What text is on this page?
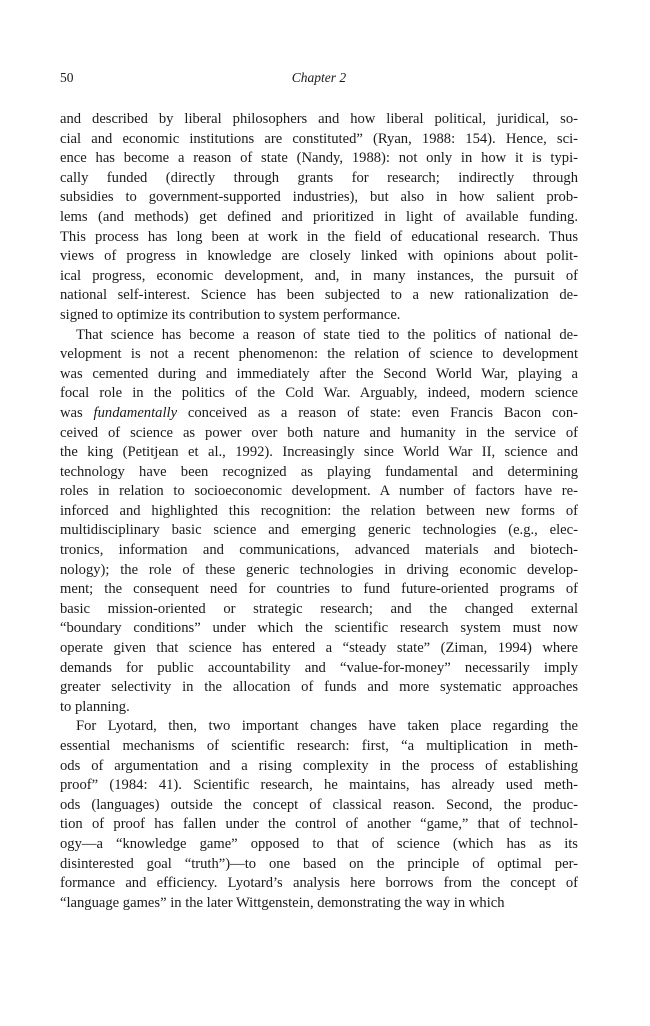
50	Chapter 2

and described by liberal philosophers and how liberal political, juridical, so-
cial and economic institutions are constituted” (Ryan, 1988: 154). Hence, sci-
ence has become a reason of state (Nandy, 1988): not only in how it is typi-
cally funded (directly through grants for research; indirectly through
subsidies to government-supported industries), but also in how salient prob-
lems (and methods) get defined and prioritized in light of available funding.
This process has long been at work in the field of educational research. Thus
views of progress in knowledge are closely linked with opinions about polit-
ical progress, economic development, and, in many instances, the pursuit of
national self-interest. Science has been subjected to a new rationalization de-
signed to optimize its contribution to system performance.

That science has become a reason of state tied to the politics of national de-
velopment is not a recent phenomenon: the relation of science to development
was cemented during and immediately after the Second World War, playing a
focal role in the politics of the Cold War. Arguably, indeed, modern science
was fundamentally conceived as a reason of state: even Francis Bacon con-
ceived of science as power over both nature and humanity in the service of
the king (Petitjean et al., 1992). Increasingly since World War II, science and
technology have been recognized as playing fundamental and determining
roles in relation to socioeconomic development. A number of factors have re-
inforced and highlighted this recognition: the relation between new forms of
multidisciplinary basic science and emerging generic technologies (e.g., elec-
tronics, information and communications, advanced materials and biotech-
nology); the role of these generic technologies in driving economic develop-
ment; the consequent need for countries to fund future-oriented programs of
basic mission-oriented or strategic research; and the changed external
“boundary conditions” under which the scientific research system must now
operate given that science has entered a “steady state” (Ziman, 1994) where
demands for public accountability and “value-for-money” necessarily imply
greater selectivity in the allocation of funds and more systematic approaches
to planning.

For Lyotard, then, two important changes have taken place regarding the
essential mechanisms of scientific research: first, “a multiplication in meth-
ods of argumentation and a rising complexity in the process of establishing
proof” (1984: 41). Scientific research, he maintains, has already used meth-
ods (languages) outside the concept of classical reason. Second, the produc-
tion of proof has fallen under the control of another “game,” that of technol-
ogy—a “knowledge game” opposed to that of science (which has as its
disinterested goal “truth”)—to one based on the principle of optimal per-
formance and efficiency. Lyotard’s analysis here borrows from the concept of
“language games” in the later Wittgenstein, demonstrating the way in which
